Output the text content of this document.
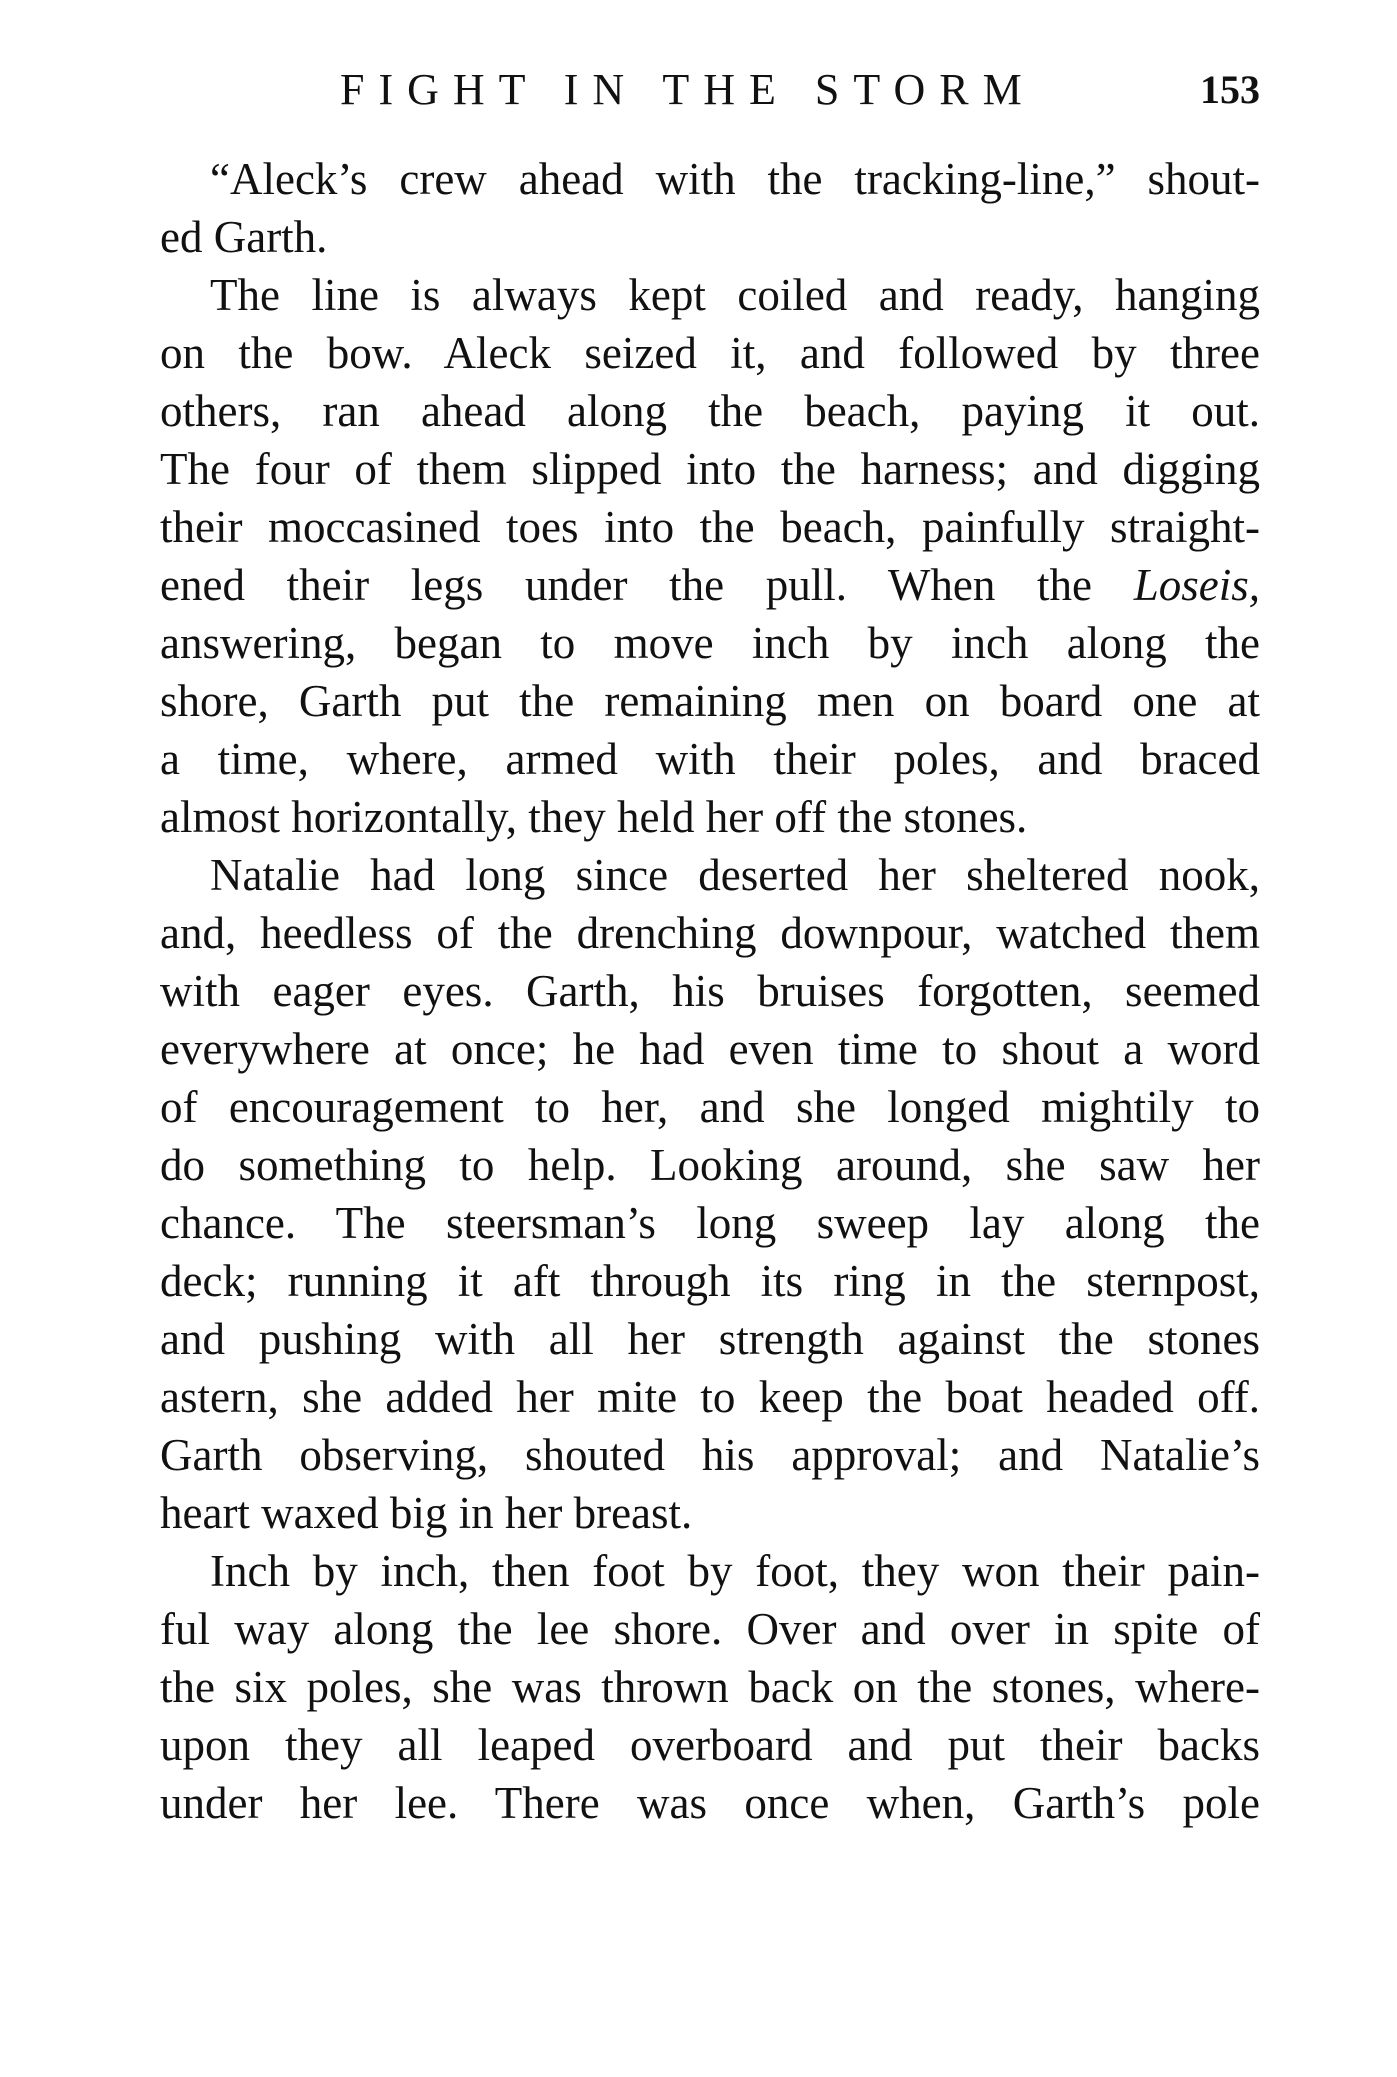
FIGHT IN THE STORM	153
“Aleck’s crew ahead with the tracking-line,” shout-
ed Garth.
The line is always kept coiled and ready, hanging
on the bow. Aleck seized it, and followed by three
others, ran ahead along the beach, paying it out.
The four of them slipped into the harness; and digging
their moccasined toes into the beach, painfully straight-
ened their legs under the pull. When the Loseis,
answering, began to move inch by inch along the
shore, Garth put the remaining men on board one at
a time, where, armed with their poles, and braced
almost horizontally, they held her off the stones.
Natalie had long since deserted her sheltered nook,
and, heedless of the drenching downpour, watched them
with eager eyes. Garth, his bruises forgotten, seemed
everywhere at once; he had even time to shout a word
of encouragement to her, and she longed mightily to
do something to help. Looking around, she saw her
chance. The steersman’s long sweep lay along the
deck; running it aft through its ring in the sternpost,
and pushing with all her strength against the stones
astern, she added her mite to keep the boat headed off.
Garth observing, shouted his approval; and Natalie’s
heart waxed big in her breast.
Inch by inch, then foot by foot, they won their pain-
ful way along the lee shore. Over and over in spite of
the six poles, she was thrown back on the stones, where-
upon they all leaped overboard and put their backs
under her lee. There was once when, Garth’s pole
